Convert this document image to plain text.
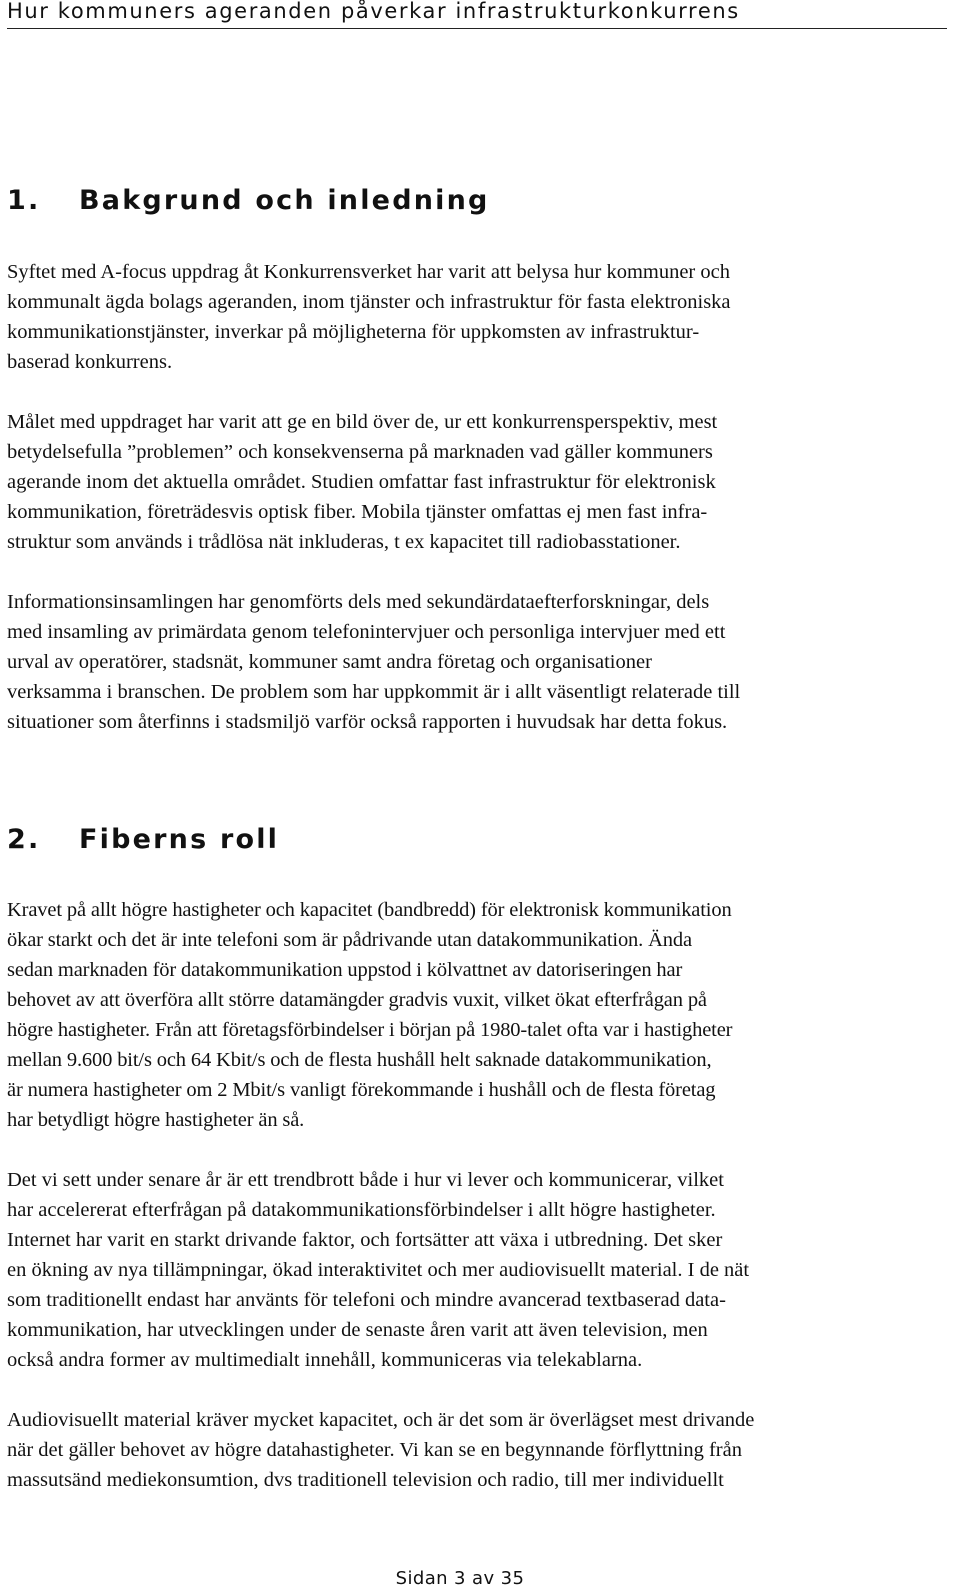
Hur kommuners ageranden påverkar infrastrukturkonkurrens
1. Bakgrund och inledning

Syftet med A-focus uppdrag åt Konkurrensverket har varit att belysa hur kommuner och
kommunalt ägda bolags ageranden, inom tjänster och infrastruktur för fasta elektroniska
kommunikationstjänster, inverkar på möjligheterna för uppkomsten av infrastruktur-
baserad konkurrens.

Målet med uppdraget har varit att ge en bild över de, ur ett konkurrensperspektiv, mest
betydelsefulla ”problemen” och konsekvenserna på marknaden vad gäller kommuners
agerande inom det aktuella området. Studien omfattar fast infrastruktur för elektronisk
kommunikation, företrädesvis optisk fiber. Mobila tjänster omfattas ej men fast infra-
struktur som används i trådlösa nät inkluderas, t ex kapacitet till radiobasstationer.

Informationsinsamlingen har genomförts dels med sekundärdataefterforskningar, dels
med insamling av primärdata genom telefonintervjuer och personliga intervjuer med ett
urval av operatörer, stadsnät, kommuner samt andra företag och organisationer
verksamma i branschen. De problem som har uppkommit är i allt väsentligt relaterade till
situationer som återfinns i stadsmiljö varför också rapporten i huvudsak har detta fokus.

2. Fiberns roll

Kravet på allt högre hastigheter och kapacitet (bandbredd) för elektronisk kommunikation
ökar starkt och det är inte telefoni som är pådrivande utan datakommunikation. Ända
sedan marknaden för datakommunikation uppstod i kölvattnet av datoriseringen har
behovet av att överföra allt större datamängder gradvis vuxit, vilket ökat efterfrågan på
högre hastigheter. Från att företagsförbindelser i början på 1980-talet ofta var i hastigheter
mellan 9.600 bit/s och 64 Kbit/s och de flesta hushåll helt saknade datakommunikation,
är numera hastigheter om 2 Mbit/s vanligt förekommande i hushåll och de flesta företag
har betydligt högre hastigheter än så.

Det vi sett under senare år är ett trendbrott både i hur vi lever och kommunicerar, vilket
har accelererat efterfrågan på datakommunikationsförbindelser i allt högre hastigheter.
Internet har varit en starkt drivande faktor, och fortsätter att växa i utbredning. Det sker
en ökning av nya tillämpningar, ökad interaktivitet och mer audiovisuellt material. I de nät
som traditionellt endast har använts för telefoni och mindre avancerad textbaserad data-
kommunikation, har utvecklingen under de senaste åren varit att även television, men
också andra former av multimedialt innehåll, kommuniceras via telekablarna.

Audiovisuellt material kräver mycket kapacitet, och är det som är överlägset mest drivande
när det gäller behovet av högre datahastigheter. Vi kan se en begynnande förflyttning från
massutsänd mediekonsumtion, dvs traditionell television och radio, till mer individuellt

Sidan 3 av 35
